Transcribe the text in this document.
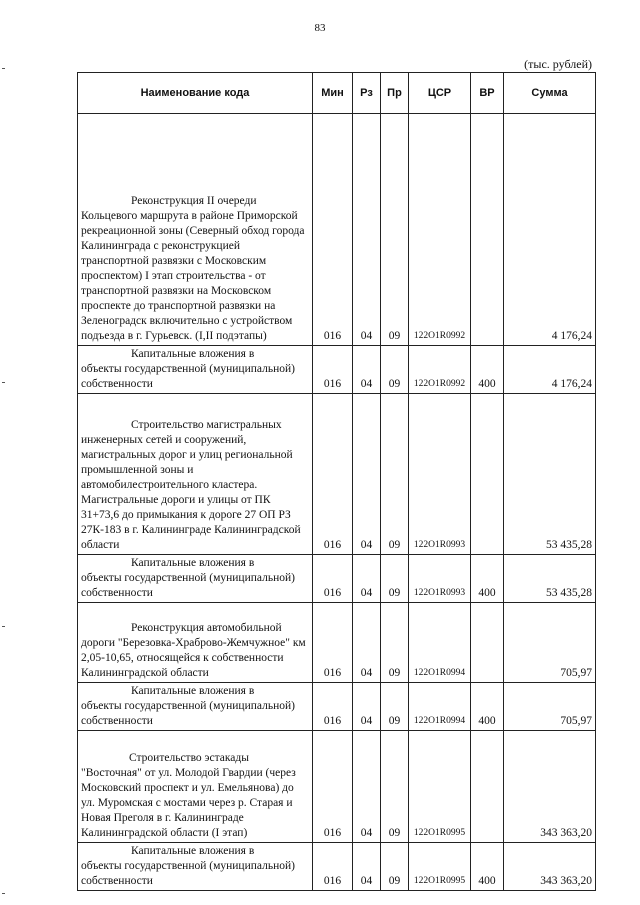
83
(тыс. рублей)
Наименование кода	Мин	Рз	Пр	ЦСР	ВР	Сумма

Реконструкция II очереди
Кольцевого маршрута в районе Приморской рекреационной зоны (Северный обход города Калининграда с реконструкцией транспортной развязки с Московским проспектом) I этап строительства - от транспортной развязки на Московском проспекте до транспортной развязки на Зеленоградск включительно с устройством подъезда в г. Гурьевск. (I,II подэтапы)	016	04	09	122O1R0992		4 176,24

Капитальные вложения в
объекты государственной (муниципальной) собственности	016	04	09	122O1R0992	400	4 176,24

Строительство магистральных
инженерных сетей и сооружений, магистральных дорог и улиц региональной промышленной зоны и автомобилестроительного кластера. Магистральные дороги и улицы от ПК 31+73,6 до примыкания к дороге 27 ОП РЗ 27К-183 в г. Калининграде Калининградской области	016	04	09	122O1R0993		53 435,28

Капитальные вложения в
объекты государственной (муниципальной) собственности	016	04	09	122O1R0993	400	53 435,28

Реконструкция автомобильной
дороги "Березовка-Храброво-Жемчужное" км 2,05-10,65, относящейся к собственности Калининградской области	016	04	09	122O1R0994		705,97

Капитальные вложения в
объекты государственной (муниципальной) собственности	016	04	09	122O1R0994	400	705,97

Строительство эстакады
"Восточная" от ул. Молодой Гвардии (через Московский проспект и ул. Емельянова) до ул. Муромская с мостами через р. Старая и Новая Преголя в г. Калининграде Калининградской области (I этап)	016	04	09	122O1R0995		343 363,20

Капитальные вложения в
объекты государственной (муниципальной) собственности	016	04	09	122O1R0995	400	343 363,20
